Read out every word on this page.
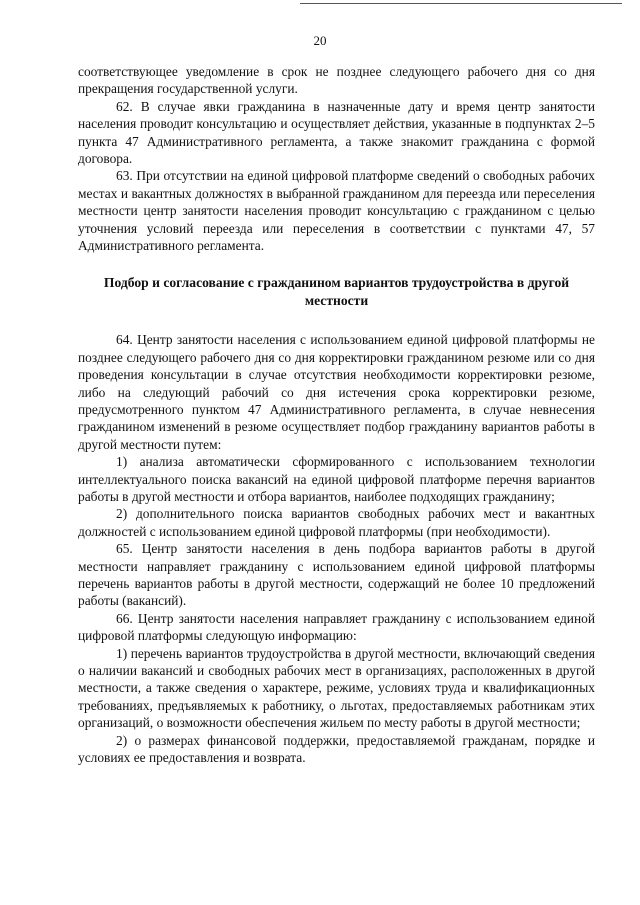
20

соответствующее уведомление в срок не позднее следующего рабочего дня со дня прекращения государственной услуги.

62. В случае явки гражданина в назначенные дату и время центр занятости населения проводит консультацию и осуществляет действия, указанные в подпунктах 2–5 пункта 47 Административного регламента, а также знакомит гражданина с формой договора.

63. При отсутствии на единой цифровой платформе сведений о свободных рабочих местах и вакантных должностях в выбранной гражданином для переезда или переселения местности центр занятости населения проводит консультацию с гражданином с целью уточнения условий переезда или переселения в соответствии с пунктами 47, 57 Административного регламента.

Подбор и согласование с гражданином вариантов трудоустройства в другой местности

64. Центр занятости населения с использованием единой цифровой платформы не позднее следующего рабочего дня со дня корректировки гражданином резюме или со дня проведения консультации в случае отсутствия необходимости корректировки резюме, либо на следующий рабочий со дня истечения срока корректировки резюме, предусмотренного пунктом 47 Административного регламента, в случае невнесения гражданином изменений в резюме осуществляет подбор гражданину вариантов работы в другой местности путем:

1) анализа автоматически сформированного с использованием технологии интеллектуального поиска вакансий на единой цифровой платформе перечня вариантов работы в другой местности и отбора вариантов, наиболее подходящих гражданину;

2) дополнительного поиска вариантов свободных рабочих мест и вакантных должностей с использованием единой цифровой платформы (при необходимости).

65. Центр занятости населения в день подбора вариантов работы в другой местности направляет гражданину с использованием единой цифровой платформы перечень вариантов работы в другой местности, содержащий не более 10 предложений работы (вакансий).

66. Центр занятости населения направляет гражданину с использованием единой цифровой платформы следующую информацию:

1) перечень вариантов трудоустройства в другой местности, включающий сведения о наличии вакансий и свободных рабочих мест в организациях, расположенных в другой местности, а также сведения о характере, режиме, условиях труда и квалификационных требованиях, предъявляемых к работнику, о льготах, предоставляемых работникам этих организаций, о возможности обеспечения жильем по месту работы в другой местности;

2) о размерах финансовой поддержки, предоставляемой гражданам, порядке и условиях ее предоставления и возврата.
